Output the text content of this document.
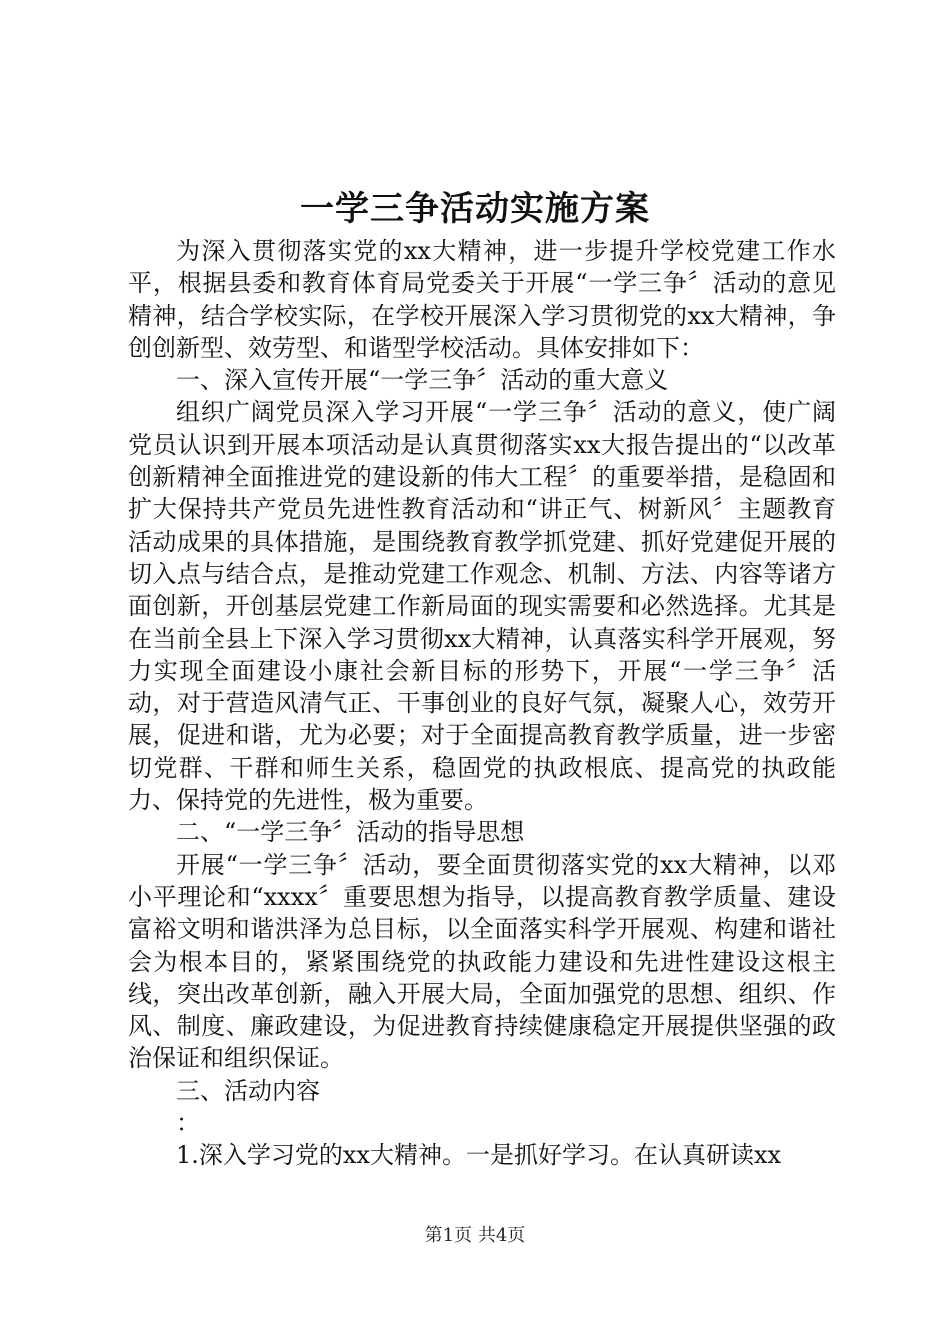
一学三争活动实施方案

为深入贯彻落实党的xx大精神，进一步提升学校党建工作水平，根据县委和教育体育局党委关于开展“一学三争〞活动的意见精神，结合学校实际，在学校开展深入学习贯彻党的xx大精神，争创创新型、效劳型、和谐型学校活动。具体安排如下：

一、深入宣传开展“一学三争〞活动的重大意义

组织广阔党员深入学习开展“一学三争〞活动的意义，使广阔党员认识到开展本项活动是认真贯彻落实xx大报告提出的“以改革创新精神全面推进党的建设新的伟大工程〞的重要举措，是稳固和扩大保持共产党员先进性教育活动和“讲正气、树新风〞主题教育活动成果的具体措施，是围绕教育教学抓党建、抓好党建促开展的切入点与结合点，是推动党建工作观念、机制、方法、内容等诸方面创新，开创基层党建工作新局面的现实需要和必然选择。尤其是在当前全县上下深入学习贯彻xx大精神，认真落实科学开展观，努力实现全面建设小康社会新目标的形势下，开展“一学三争〞活动，对于营造风清气正、干事创业的良好气氛，凝聚人心，效劳开展，促进和谐，尤为必要；对于全面提高教育教学质量，进一步密切党群、干群和师生关系，稳固党的执政根底、提高党的执政能力、保持党的先进性，极为重要。

二、“一学三争〞活动的指导思想

开展“一学三争〞活动，要全面贯彻落实党的xx大精神，以邓小平理论和“xxxx〞重要思想为指导，以提高教育教学质量、建设富裕文明和谐洪泽为总目标，以全面落实科学开展观、构建和谐社会为根本目的，紧紧围绕党的执政能力建设和先进性建设这根主线，突出改革创新，融入开展大局，全面加强党的思想、组织、作风、制度、廉政建设，为促进教育持续健康稳定开展提供坚强的政治保证和组织保证。

三、活动内容

：

1.深入学习党的xx大精神。一是抓好学习。在认真研读xx

第1页 共4页
